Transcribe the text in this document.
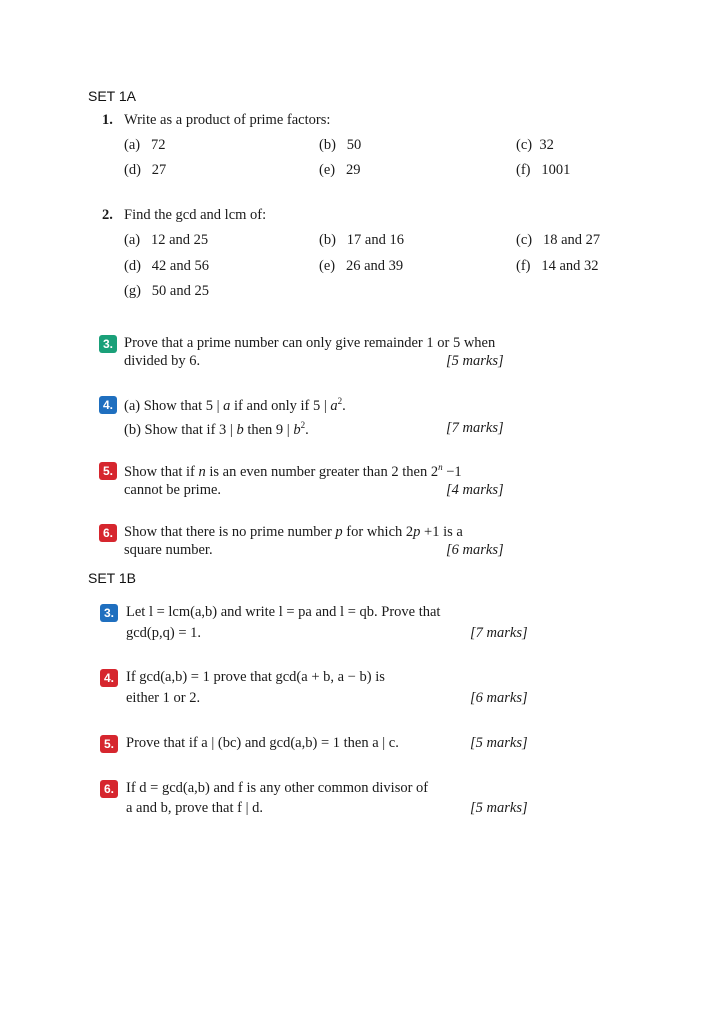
SET 1A
1. Write as a product of prime factors:
(a) 72	(b) 50	(c) 32
(d) 27	(e) 29	(f) 1001
2. Find the gcd and lcm of:
(a) 12 and 25	(b) 17 and 16	(c) 18 and 27
(d) 42 and 56	(e) 26 and 39	(f) 14 and 32
(g) 50 and 25
3. Prove that a prime number can only give remainder 1 or 5 when
divided by 6.	[5 marks]
4. (a) Show that 5 | a if and only if 5 | $a^2$.
(b) Show that if 3 | b then 9 | $b^2$.	[7 marks]
5. Show that if n is an even number greater than 2 then $2^n -1$
cannot be prime.	[4 marks]
6. Show that there is no prime number p for which 2p +1 is a
square number.	[6 marks]
SET 1B
3. Let l = lcm(a,b) and write l = pa and l = qb. Prove that
gcd(p,q) = 1.	[7 marks]
4. If gcd(a,b) = 1 prove that gcd(a + b, a − b) is
either 1 or 2.	[6 marks]
5. Prove that if a | (bc) and gcd(a,b) = 1 then a | c.	[5 marks]
6. If d = gcd(a,b) and f is any other common divisor of
a and b, prove that f | d.	[5 marks]
